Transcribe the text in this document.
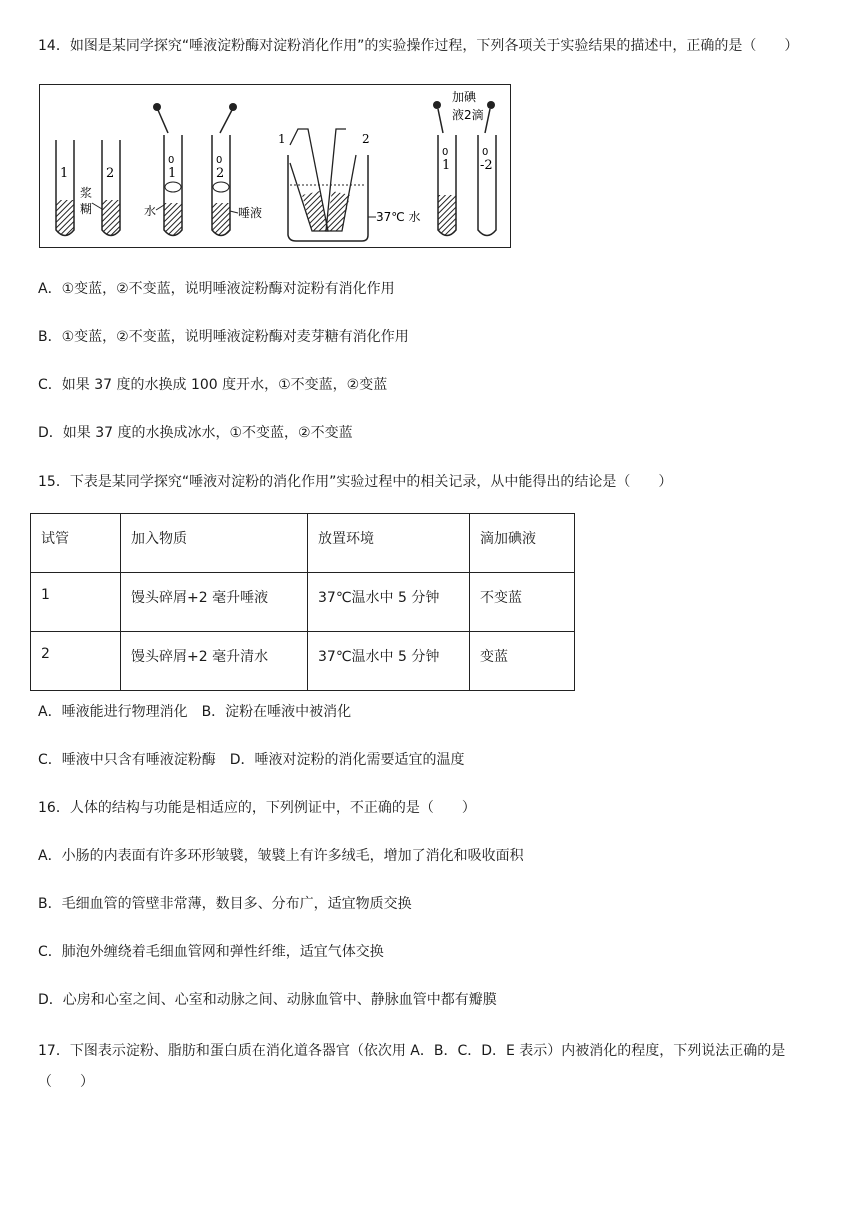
14．如图是某同学探究“唾液淀粉酶对淀粉消化作用”的实验操作过程，下列各项关于实验结果的描述中，正确的是（　　）
1	2
浆
糊
0
1
水
0
2
唾液
1	2
37℃ 水
0
1
0
-2
加碘
液2滴
A．①变蓝，②不变蓝，说明唾液淀粉酶对淀粉有消化作用
B．①变蓝，②不变蓝，说明唾液淀粉酶对麦芽糖有消化作用
C．如果 37 度的水换成 100 度开水，①不变蓝，②变蓝
D．如果 37 度的水换成冰水，①不变蓝，②不变蓝
15．下表是某同学探究“唾液对淀粉的消化作用”实验过程中的相关记录，从中能得出的结论是（　　）
试管	加入物质	放置环境	滴加碘液
1	馒头碎屑+2 毫升唾液	37℃温水中 5 分钟	不变蓝
2	馒头碎屑+2 毫升清水	37℃温水中 5 分钟	变蓝
A．唾液能进行物理消化　B．淀粉在唾液中被消化
C．唾液中只含有唾液淀粉酶　D．唾液对淀粉的消化需要适宜的温度
16．人体的结构与功能是相适应的，下列例证中，不正确的是（　　）
A．小肠的内表面有许多环形皱襞，皱襞上有许多绒毛，增加了消化和吸收面积
B．毛细血管的管壁非常薄，数目多、分布广，适宜物质交换
C．肺泡外缠绕着毛细血管网和弹性纤维，适宜气体交换
D．心房和心室之间、心室和动脉之间、动脉血管中、静脉血管中都有瓣膜
17．下图表示淀粉、脂肪和蛋白质在消化道各器官（依次用 A．B．C．D．E 表示）内被消化的程度，下列说法正确的是
（　　）
